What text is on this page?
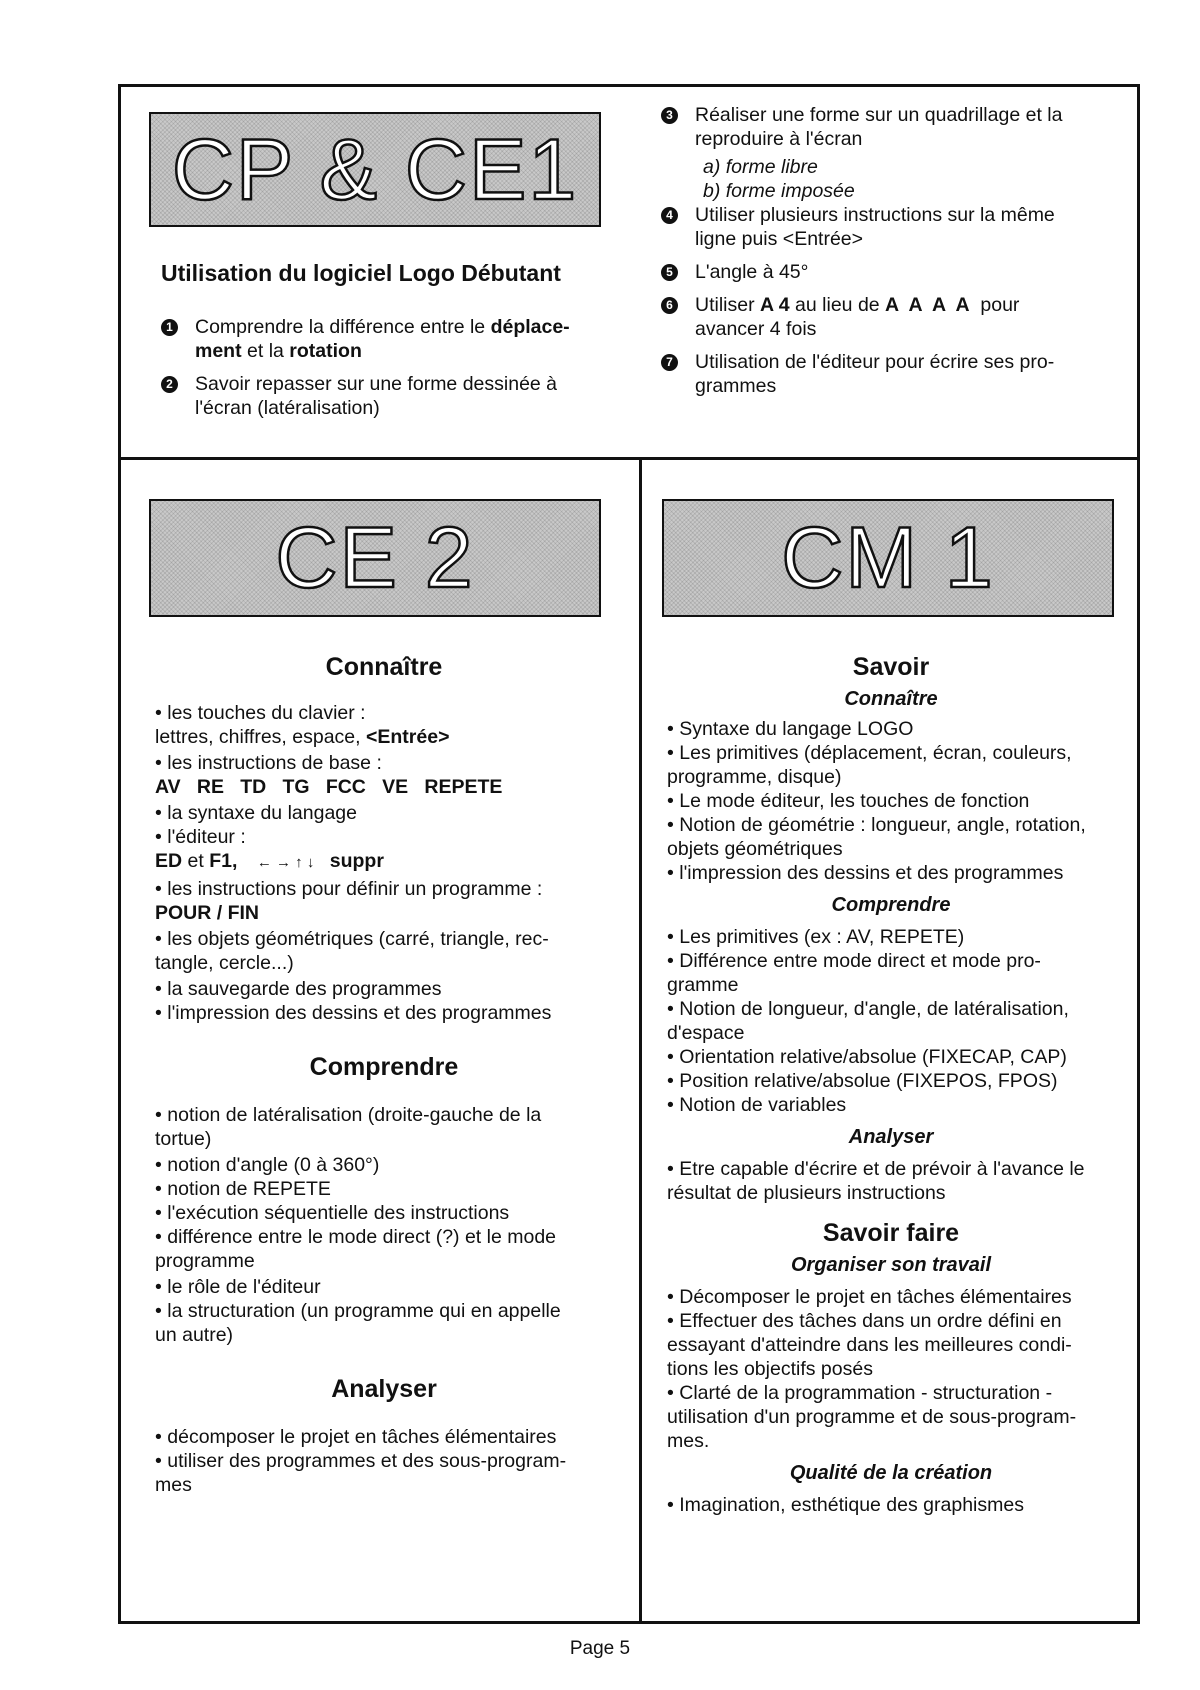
CP & CE1

Utilisation du logiciel Logo Débutant

1	Comprendre la différence entre le déplace-
ment et la rotation
2	Savoir repasser sur une forme dessinée à
l'écran (latéralisation)
3	Réaliser une forme sur un quadrillage et la
reproduire à l'écran

a) forme libre

b) forme imposée

4	Utiliser plusieurs instructions sur la même
ligne puis <Entrée>
5	L'angle à 45°
6	Utiliser A 4 au lieu de A  A  A  A  pour
avancer 4 fois
7	Utilisation de l'éditeur pour écrire ses pro-
grammes
CE 2

Connaître

• les touches du clavier :

lettres, chiffres, espace, <Entrée>

• les instructions de base :

AV   RE   TD   TG   FCC   VE   REPETE

• la syntaxe du langage

• l'éditeur :

ED et F1, ← → ↑ ↓ suppr

• les instructions pour définir un programme :

POUR / FIN

• les objets géométriques (carré, triangle, rec-

tangle, cercle...)

• la sauvegarde des programmes

• l'impression des dessins et des programmes

Comprendre

• notion de latéralisation (droite-gauche de la

tortue)

• notion d'angle (0 à 360°)

• notion de REPETE

• l'exécution séquentielle des instructions

• différence entre le mode direct (?) et le mode

programme

• le rôle de l'éditeur

• la structuration (un programme qui en appelle

un autre)

Analyser

• décomposer le projet en tâches élémentaires

• utiliser des programmes et des sous-program-

mes

CM 1

Savoir

Connaître

• Syntaxe du langage LOGO

• Les primitives (déplacement, écran, couleurs,

programme, disque)

• Le mode éditeur, les touches de fonction

• Notion de géométrie : longueur, angle, rotation,

objets géométriques

• l'impression des dessins et des programmes

Comprendre

• Les primitives (ex : AV, REPETE)

• Différence entre mode direct et mode pro-

gramme

• Notion de longueur, d'angle, de latéralisation,

d'espace

• Orientation relative/absolue (FIXECAP, CAP)

• Position relative/absolue (FIXEPOS, FPOS)

• Notion de variables

Analyser

• Etre capable d'écrire et de prévoir à l'avance le

résultat de plusieurs instructions

Savoir faire

Organiser son travail

• Décomposer le projet en tâches élémentaires

• Effectuer des tâches dans un ordre défini en

essayant d'atteindre dans les meilleures condi-

tions les objectifs posés

• Clarté de la programmation - structuration -

utilisation d'un programme et de sous-program-

mes.

Qualité de la création

• Imagination, esthétique des graphismes

Page 5
